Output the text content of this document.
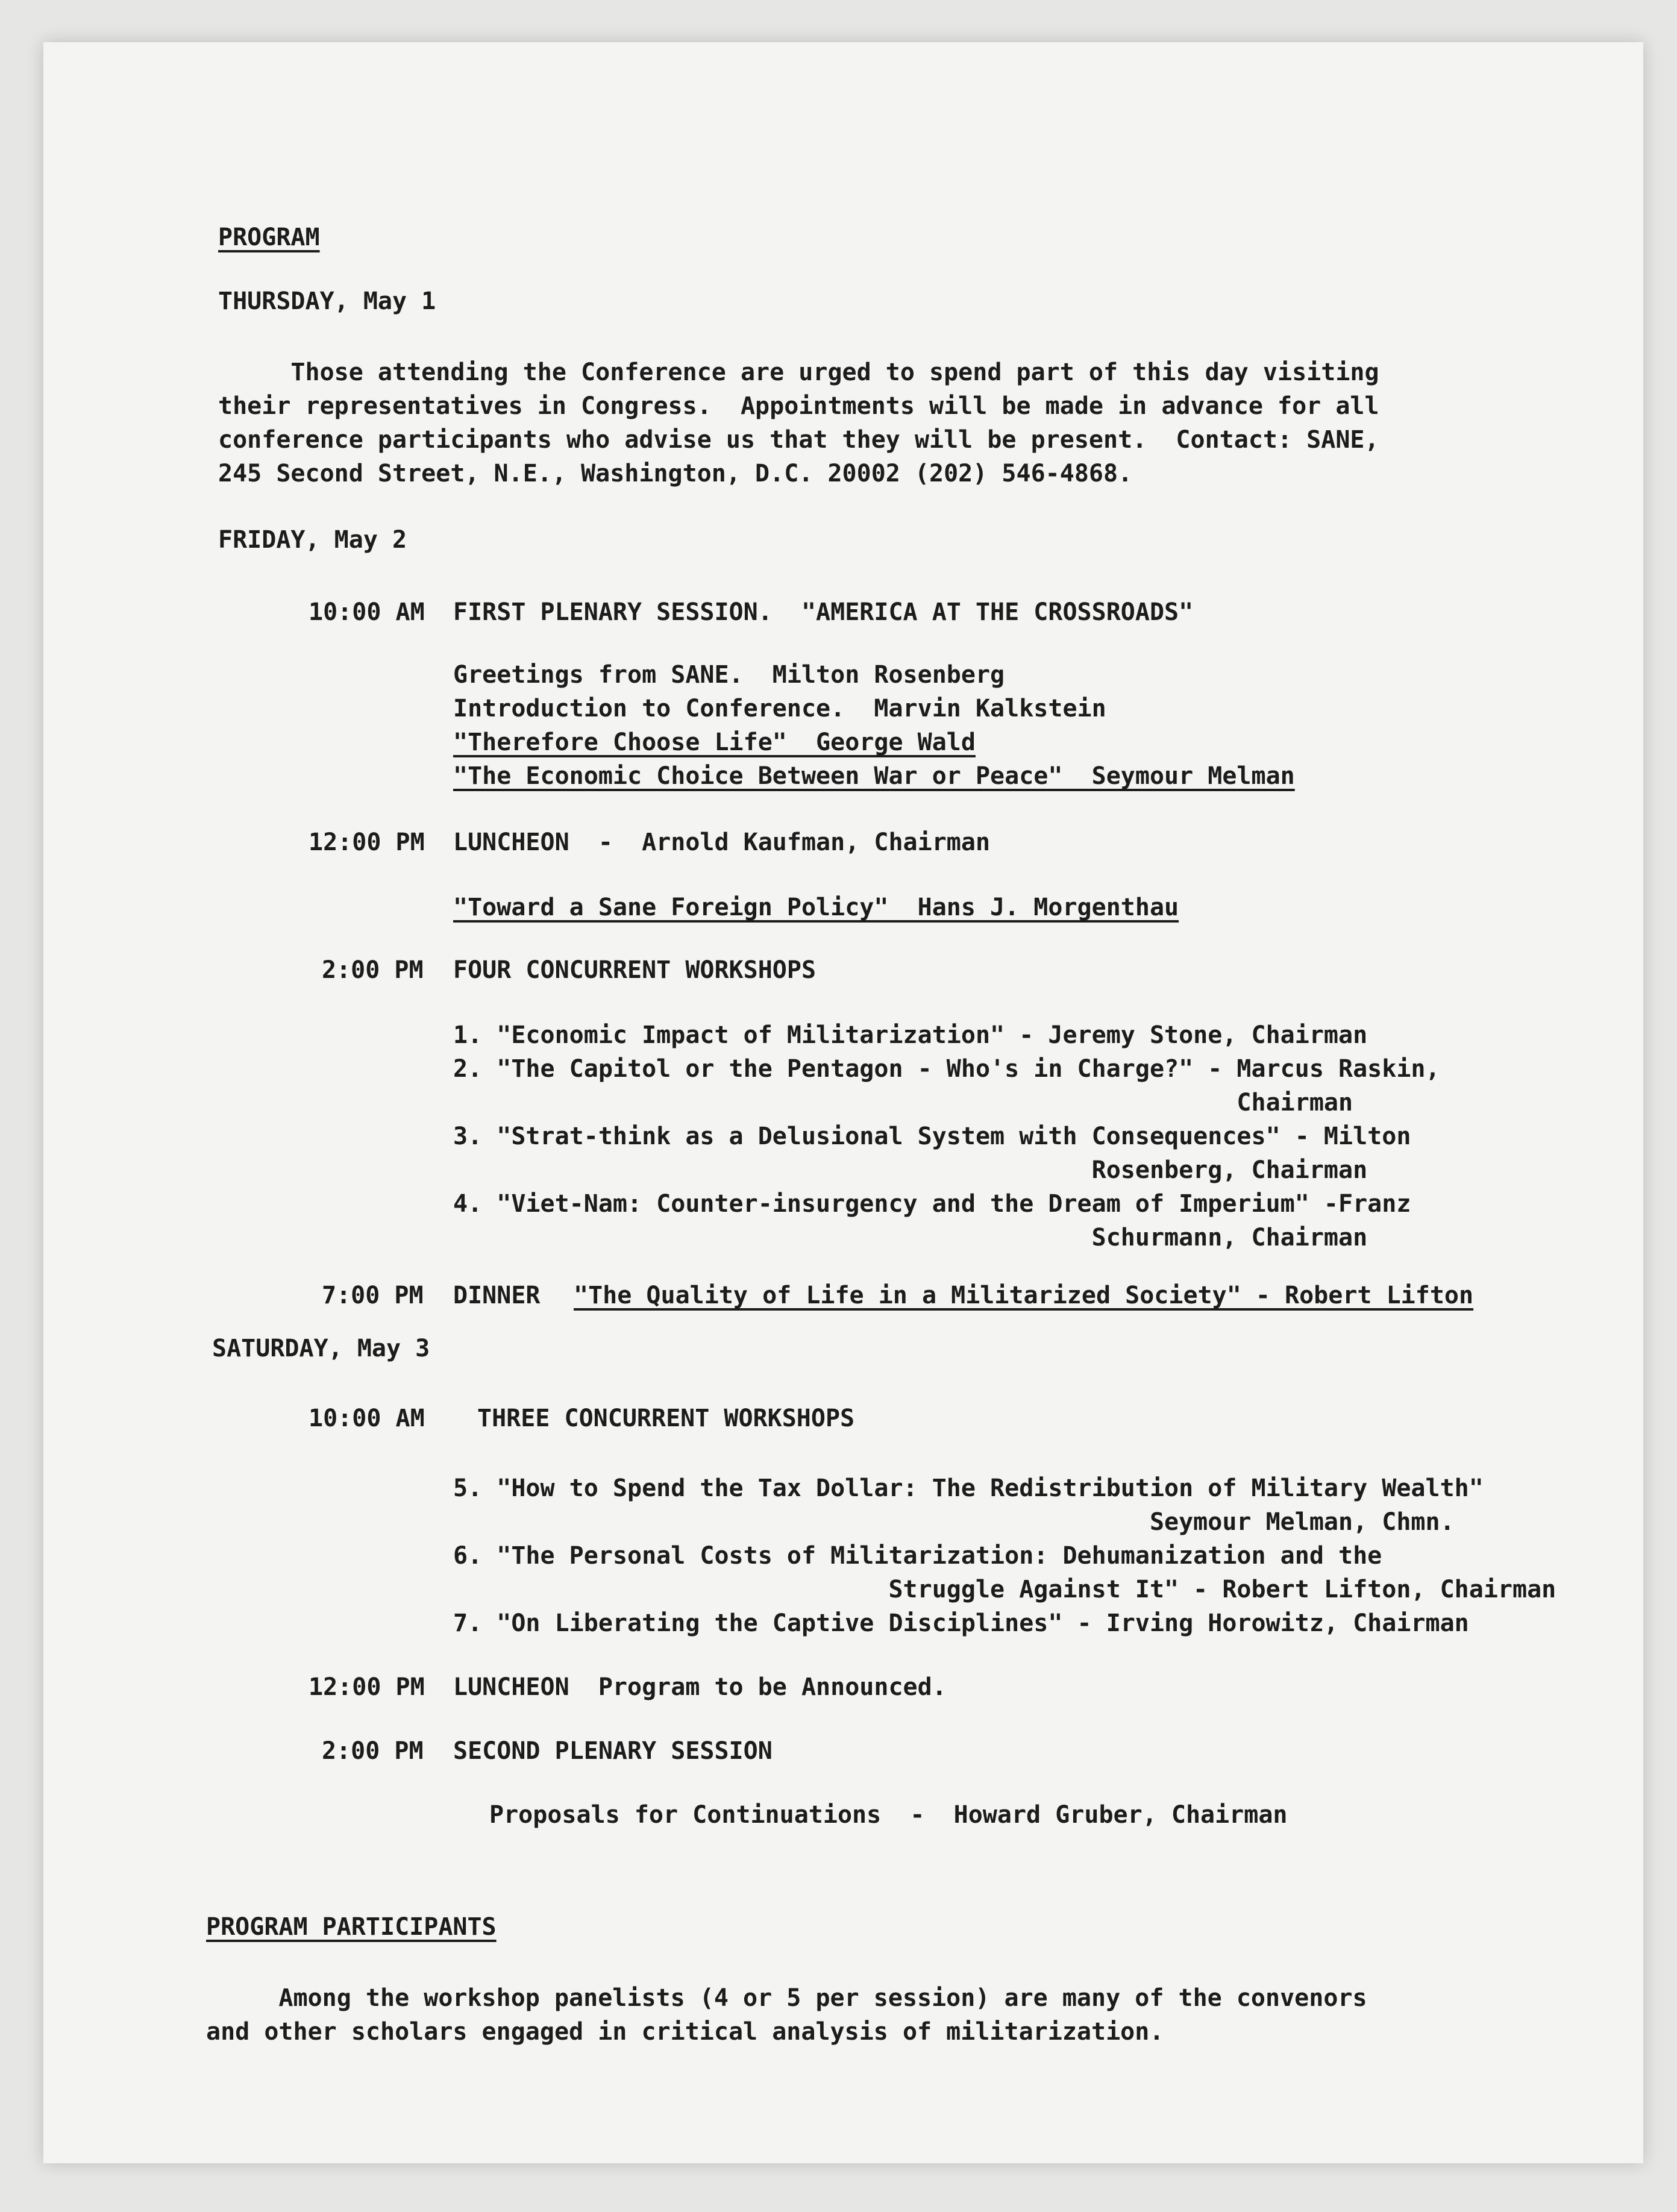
PROGRAM

THURSDAY, May 1

Those attending the Conference are urged to spend part of this day visiting

their representatives in Congress.  Appointments will be made in advance for all

conference participants who advise us that they will be present.  Contact: SANE,

245 Second Street, N.E., Washington, D.C. 20002 (202) 546-4868.

FRIDAY, May 2

10:00 AM

FIRST PLENARY SESSION.  "AMERICA AT THE CROSSROADS"

Greetings from SANE.  Milton Rosenberg

Introduction to Conference.  Marvin Kalkstein

"Therefore Choose Life"  George Wald

"The Economic Choice Between War or Peace"  Seymour Melman

12:00 PM

LUNCHEON  -  Arnold Kaufman, Chairman

"Toward a Sane Foreign Policy"  Hans J. Morgenthau

2:00 PM

FOUR CONCURRENT WORKSHOPS

1. "Economic Impact of Militarization" - Jeremy Stone, Chairman

2. "The Capitol or the Pentagon - Who's in Charge?" - Marcus Raskin,

Chairman

3. "Strat-think as a Delusional System with Consequences" - Milton

Rosenberg, Chairman

4. "Viet-Nam: Counter-insurgency and the Dream of Imperium" -Franz

Schurmann, Chairman

7:00 PM

DINNER

"The Quality of Life in a Militarized Society" - Robert Lifton

SATURDAY, May 3

10:00 AM

THREE CONCURRENT WORKSHOPS

5. "How to Spend the Tax Dollar: The Redistribution of Military Wealth"

Seymour Melman, Chmn.

6. "The Personal Costs of Militarization: Dehumanization and the

Struggle Against It" - Robert Lifton, Chairman

7. "On Liberating the Captive Disciplines" - Irving Horowitz, Chairman

12:00 PM

LUNCHEON  Program to be Announced.

2:00 PM

SECOND PLENARY SESSION

Proposals for Continuations  -  Howard Gruber, Chairman

PROGRAM PARTICIPANTS

Among the workshop panelists (4 or 5 per session) are many of the convenors

and other scholars engaged in critical analysis of militarization.
